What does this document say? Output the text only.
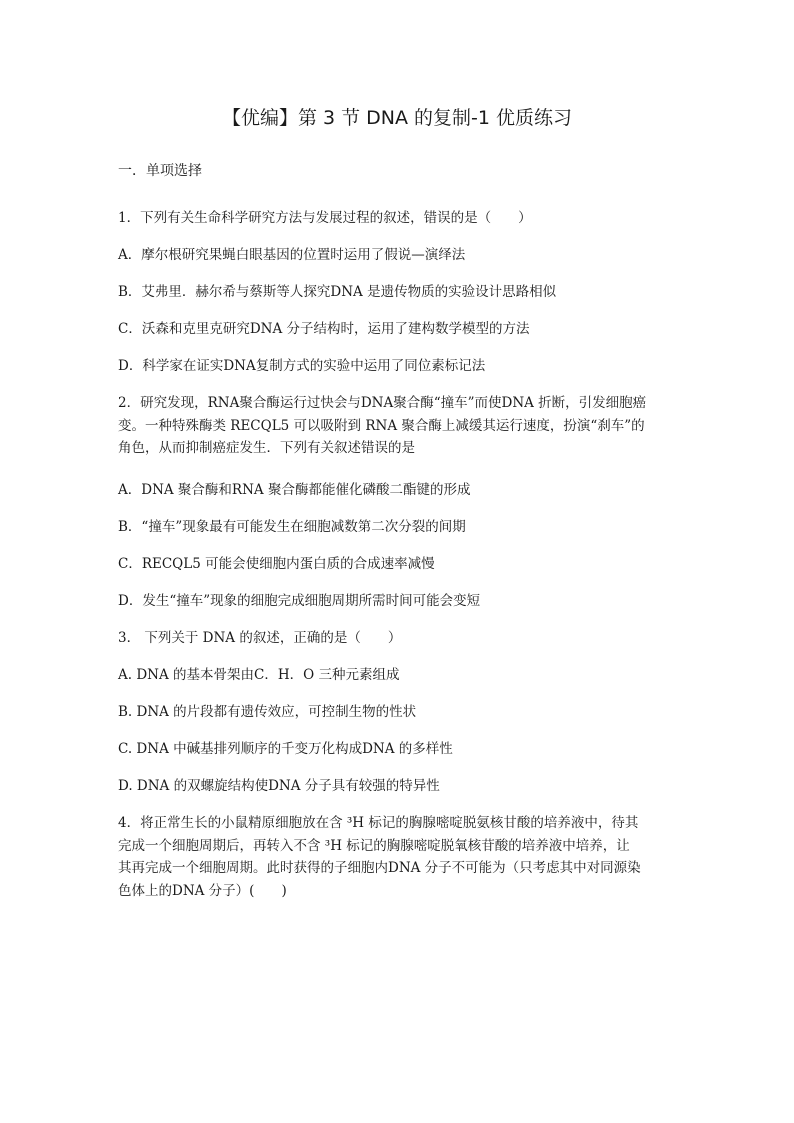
【优编】第 3 节 DNA 的复制-1 优质练习
一．单项选择
1．下列有关生命科学研究方法与发展过程的叙述，错误的是（　　）
A．摩尔根研究果蝇白眼基因的位置时运用了假说—演绎法
B．艾弗里．赫尔希与蔡斯等人探究DNA 是遗传物质的实验设计思路相似
C．沃森和克里克研究DNA 分子结构时，运用了建构数学模型的方法
D．科学家在证实DNA复制方式的实验中运用了同位素标记法
2．研究发现，RNA聚合酶运行过快会与DNA聚合酶“撞车”而使DNA 折断，引发细胞癌
变。一种特殊酶类 RECQL5 可以吸附到 RNA 聚合酶上减缓其运行速度，扮演“刹车”的
角色，从而抑制癌症发生．下列有关叙述错误的是
A．DNA 聚合酶和RNA 聚合酶都能催化磷酸二酯键的形成
B．“撞车”现象最有可能发生在细胞减数第二次分裂的间期
C．RECQL5 可能会使细胞内蛋白质的合成速率减慢
D．发生“撞车”现象的细胞完成细胞周期所需时间可能会变短
3． 下列关于 DNA 的叙述，正确的是（　　）
A. DNA 的基本骨架由C．H．O 三种元素组成
B. DNA 的片段都有遗传效应，可控制生物的性状
C. DNA 中碱基排列顺序的千变万化构成DNA 的多样性
D. DNA 的双螺旋结构使DNA 分子具有较强的特异性
4．将正常生长的小鼠精原细胞放在含 ³H 标记的胸腺嘧啶脱氨核甘酸的培养液中，待其
完成一个细胞周期后，再转入不含 ³H 标记的胸腺嘧啶脱氧核苷酸的培养液中培养，让
其再完成一个细胞周期。此时获得的子细胞内DNA 分子不可能为（只考虑其中对同源染
色体上的DNA 分子）(　　)
